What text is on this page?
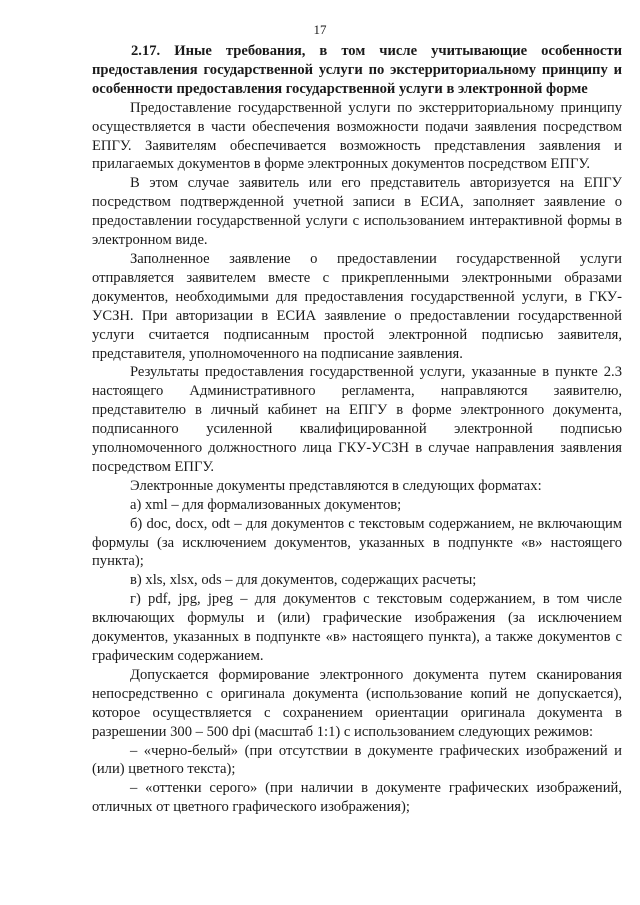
17

2.17. Иные требования, в том числе учитывающие особенности предоставления государственной услуги по экстерриториальному принципу и особенности предоставления государственной услуги в электронной форме

Предоставление государственной услуги по экстерриториальному принципу осуществляется в части обеспечения возможности подачи заявления посредством ЕПГУ. Заявителям обеспечивается возможность представления заявления и прилагаемых документов в форме электронных документов посредством ЕПГУ.

В этом случае заявитель или его представитель авторизуется на ЕПГУ посредством подтвержденной учетной записи в ЕСИА, заполняет заявление о предоставлении государственной услуги с использованием интерактивной формы в электронном виде.

Заполненное заявление о предоставлении государственной услуги отправляется заявителем вместе с прикрепленными электронными образами документов, необходимыми для предоставления государственной услуги, в ГКУ-УСЗН. При авторизации в ЕСИА заявление о предоставлении государственной услуги считается подписанным простой электронной подписью заявителя, представителя, уполномоченного на подписание заявления.

Результаты предоставления государственной услуги, указанные в пункте 2.3 настоящего Административного регламента, направляются заявителю, представителю в личный кабинет на ЕПГУ в форме электронного документа, подписанного усиленной квалифицированной электронной подписью уполномоченного должностного лица ГКУ-УСЗН в случае направления заявления посредством ЕПГУ.

Электронные документы представляются в следующих форматах:

а) xml – для формализованных документов;

б) doc, docx, odt – для документов с текстовым содержанием, не включающим формулы (за исключением документов, указанных в подпункте «в» настоящего пункта);

в) xls, xlsx, ods – для документов, содержащих расчеты;

г) pdf, jpg, jpeg – для документов с текстовым содержанием, в том числе включающих формулы и (или) графические изображения (за исключением документов, указанных в подпункте «в» настоящего пункта), а также документов с графическим содержанием.

Допускается формирование электронного документа путем сканирования непосредственно с оригинала документа (использование копий не допускается), которое осуществляется с сохранением ориентации оригинала документа в разрешении 300 – 500 dpi (масштаб 1:1) с использованием следующих режимов:

– «черно-белый» (при отсутствии в документе графических изображений и (или) цветного текста);

– «оттенки серого» (при наличии в документе графических изображений, отличных от цветного графического изображения);
